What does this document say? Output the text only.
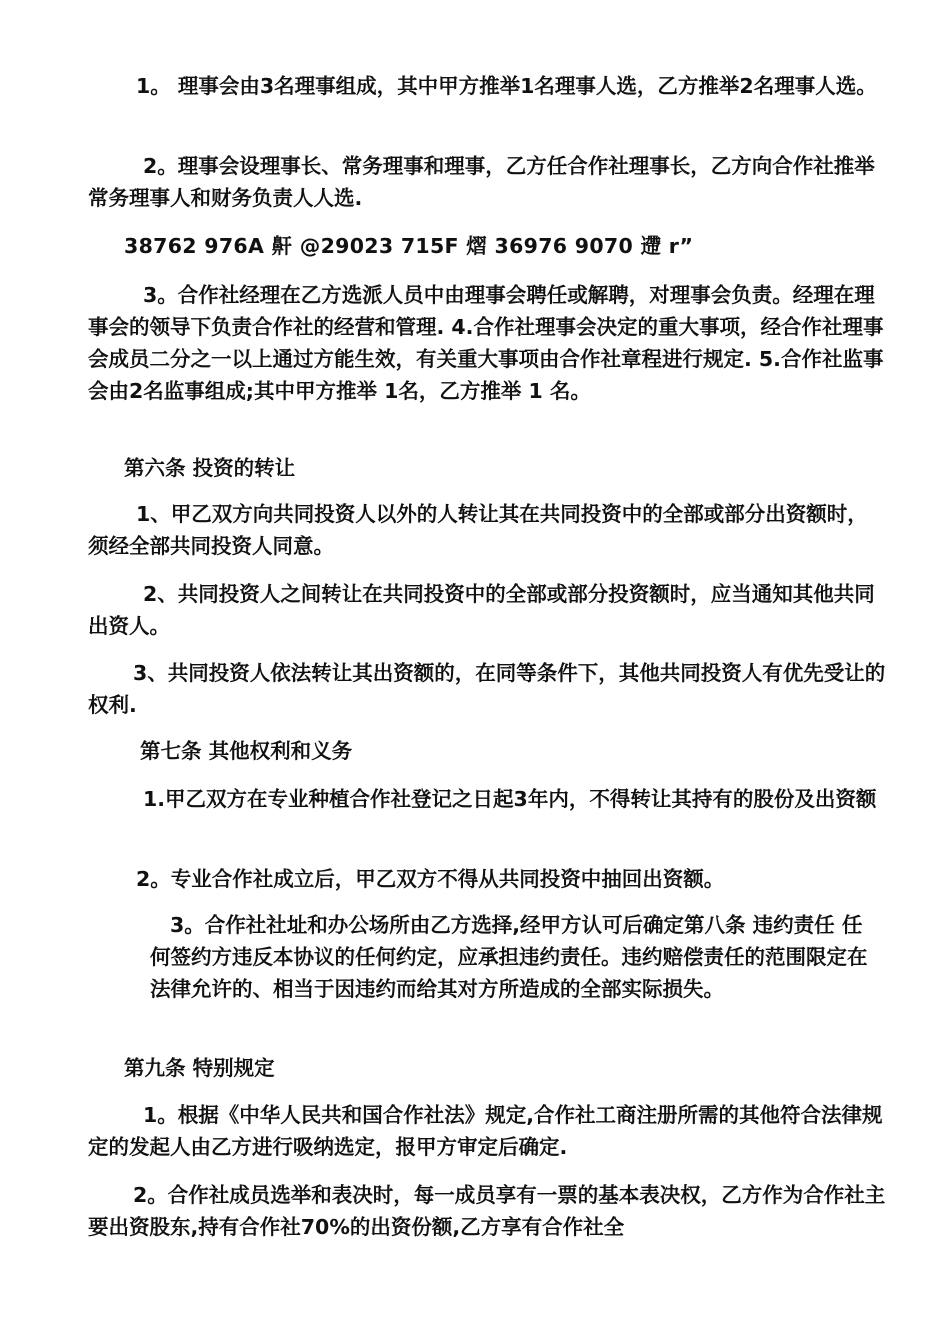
1。 理事会由3名理事组成，其中甲方推举1名理事人选，乙方推举2名理事人选。

2。理事会设理事长、常务理事和理事，乙方任合作社理事长，乙方向合作社推举常务理事人和财务负责人人选.

38762 976A 鼾 @29023 715F 熠 36976 9070 遰 r”

3。合作社经理在乙方选派人员中由理事会聘任或解聘，对理事会负责。经理在理事会的领导下负责合作社的经营和管理. 4.合作社理事会决定的重大事项，经合作社理事会成员二分之一以上通过方能生效，有关重大事项由合作社章程进行规定. 5.合作社监事会由2名监事组成;其中甲方推举 1名，乙方推举 1 名。

第六条 投资的转让

1、甲乙双方向共同投资人以外的人转让其在共同投资中的全部或部分出资额时，须经全部共同投资人同意。

2、共同投资人之间转让在共同投资中的全部或部分投资额时，应当通知其他共同出资人。

3、共同投资人依法转让其出资额的，在同等条件下，其他共同投资人有优先受让的权利.

第七条 其他权利和义务

1.甲乙双方在专业种植合作社登记之日起3年内，不得转让其持有的股份及出资额

2。专业合作社成立后，甲乙双方不得从共同投资中抽回出资额。

3。合作社社址和办公场所由乙方选择,经甲方认可后确定第八条 违约责任 任何签约方违反本协议的任何约定，应承担违约责任。违约赔偿责任的范围限定在法律允许的、相当于因违约而给其对方所造成的全部实际损失。

第九条 特别规定

1。根据《中华人民共和国合作社法》规定,合作社工商注册所需的其他符合法律规定的发起人由乙方进行吸纳选定，报甲方审定后确定.

2。合作社成员选举和表决时，每一成员享有一票的基本表决权，乙方作为合作社主要出资股东,持有合作社70%的出资份额,乙方享有合作社全
